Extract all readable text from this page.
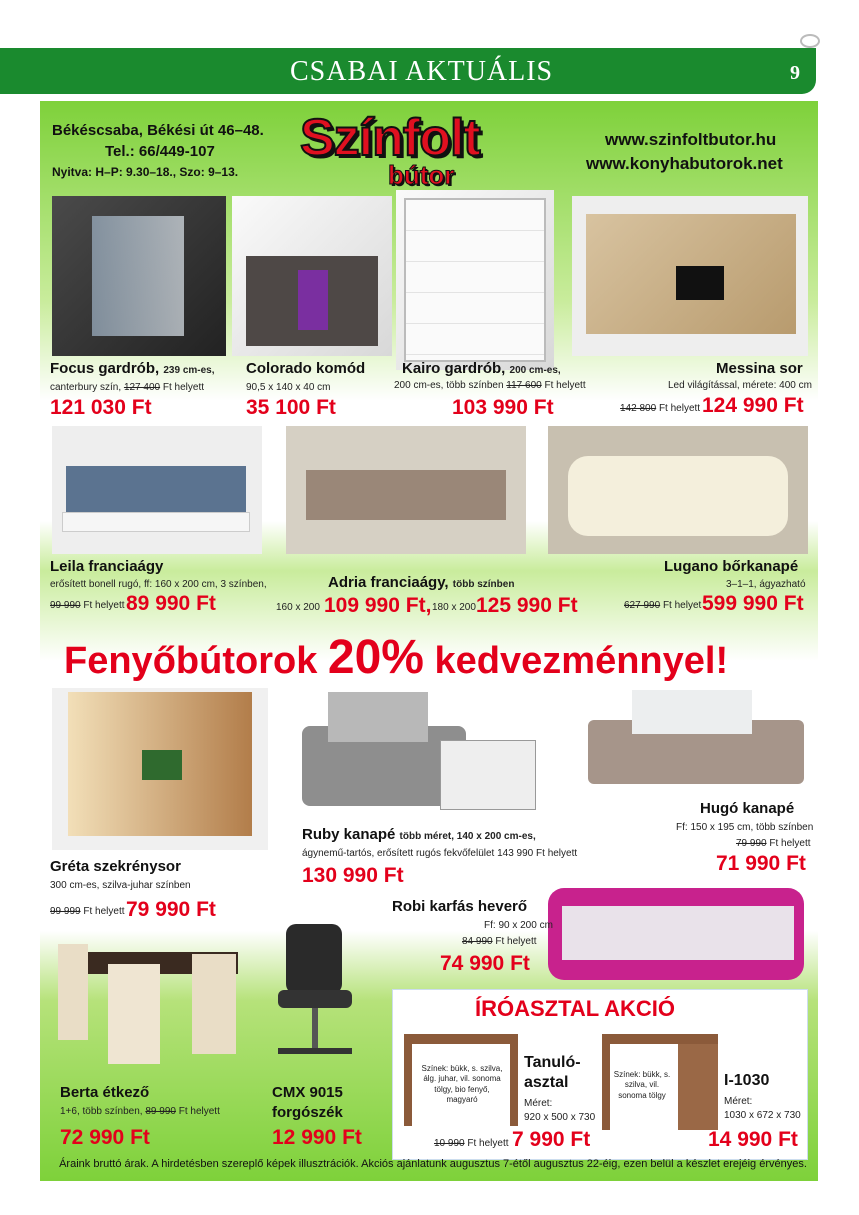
CSABAI AKTUÁLIS	9
Békéscsaba, Békési út 46–48.
Tel.: 66/449-107
Nyitva: H–P: 9.30–18., Szo: 9–13.
Színfolt
bútor
www.szinfoltbutor.hu
www.konyhabutorok.net
Focus gardrób, 239 cm-es,
canterbury szín, 127 400 Ft helyett
121 030 Ft
Colorado komód
90,5 x 140 x 40 cm
35 100 Ft
Kairo gardrób, 200 cm-es,
200 cm-es, több színben 117 600 Ft helyett
103 990 Ft
Messina sor
Led világítással, mérete: 400 cm
142 800 Ft helyett 124 990 Ft
Leila franciaágy
erősített bonell rugó, ff: 160 x 200 cm, 3 színben,
99 990 Ft helyett 89 990 Ft
Adria franciaágy, több színben
160 x 200 109 990 Ft, 180 x 200 125 990 Ft
Lugano bőrkanapé
3–1–1, ágyazható
627 990 Ft helyet 599 990 Ft
Fenyőbútorok 20% kedvezménnyel!
Hugó kanapé
Ff: 150 x 195 cm, több színben
79 990 Ft helyett
71 990 Ft
Ruby kanapé több méret, 140 x 200 cm-es,
ágynemű-tartós, erősített rugós fekvőfelület 143 990 Ft helyett
130 990 Ft
Gréta szekrénysor
300 cm-es, szilva-juhar színben
99 999 Ft helyett 79 990 Ft	Robi karfás heverő
Ff: 90 x 200 cm
84 990 Ft helyett
74 990 Ft
Berta étkező
1+6, több színben, 89 990 Ft helyett
72 990 Ft
CMX 9015
forgószék
12 990 Ft
ÍRÓASZTAL AKCIÓ
Színek: bükk, s. szilva, álg. juhar, vil. sonoma tölgy, bio fenyő, magyaró
Tanuló-
asztal
Méret:
920 x 500 x 730
10 990 Ft helyett 7 990 Ft
Színek: bükk, s. szilva, vil. sonoma tölgy
I-1030
Méret:
1030 x 672 x 730
14 990 Ft
Áraink bruttó árak. A hirdetésben szereplő képek illusztrációk. Akciós ajánlatunk augusztus 7-étől augusztus 22-éig, ezen belül a készlet erejéig érvényes.
